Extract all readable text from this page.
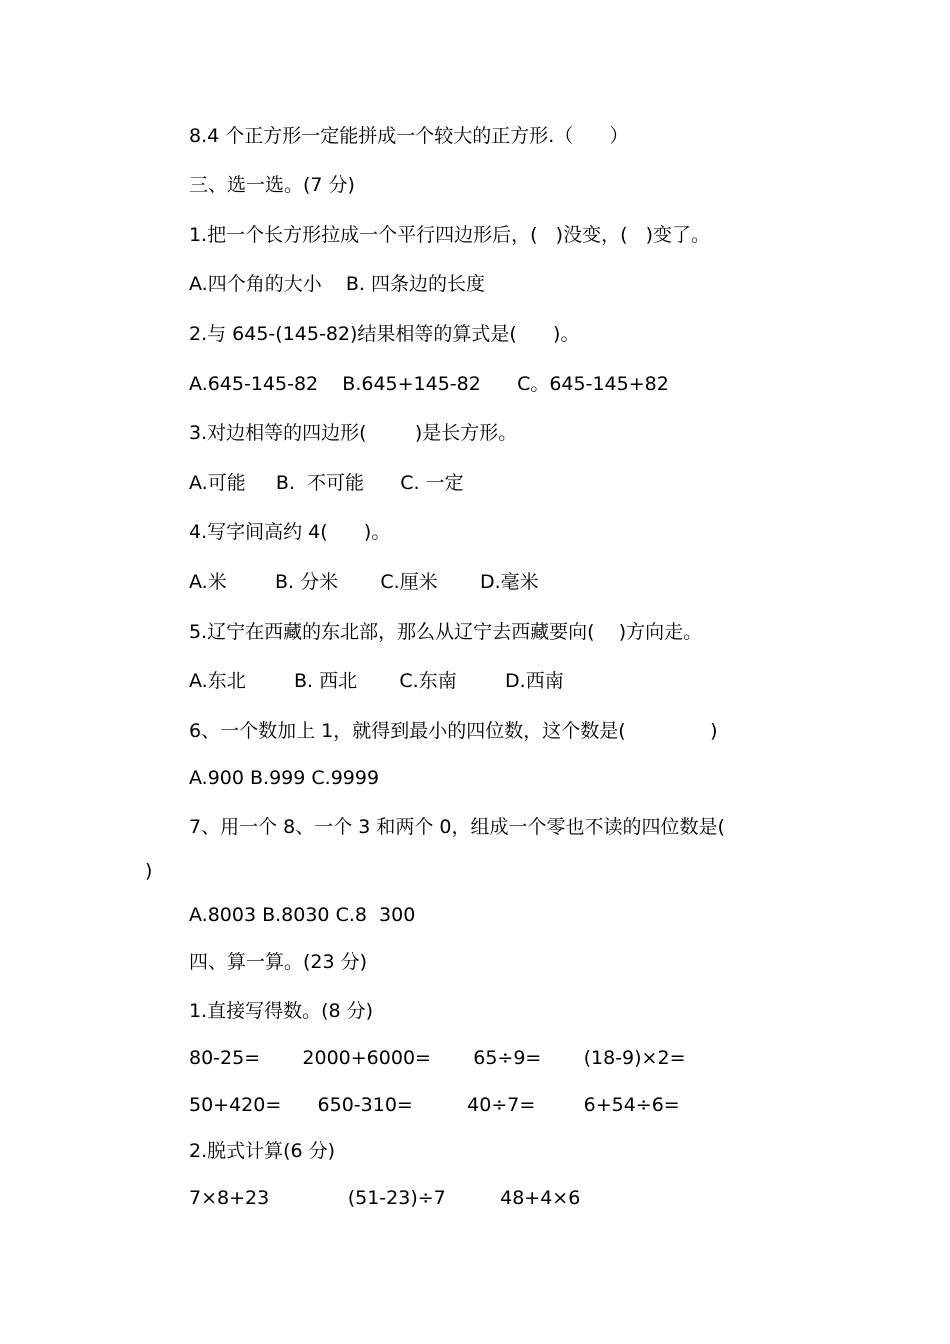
8.4 个正方形一定能拼成一个较大的正方形.（      ）
三、选一选。(7 分)
1.把一个长方形拉成一个平行四边形后，(   )没变，(   )变了。
A.四个角的大小    B. 四条边的长度
2.与 645-(145-82)结果相等的算式是(      )。
A.645-145-82    B.645+145-82      C。645-145+82
3.对边相等的四边形(        )是长方形。
A.可能     B.  不可能      C. 一定
4.写字间高约 4(      )。
A.米        B. 分米       C.厘米       D.毫米
5.辽宁在西藏的东北部，那么从辽宁去西藏要向(    )方向走。
A.东北        B. 西北       C.东南        D.西南
6、一个数加上 1，就得到最小的四位数，这个数是(              )
A.900 B.999 C.9999
7、用一个 8、一个 3 和两个 0，组成一个零也不读的四位数是(
)
A.8003 B.8030 C.8  300
四、算一算。(23 分)
1.直接写得数。(8 分)
80-25=       2000+6000=       65÷9=       (18-9)×2=
50+420=      650-310=         40÷7=        6+54÷6=
2.脱式计算(6 分)
7×8+23             (51-23)÷7         48+4×6
